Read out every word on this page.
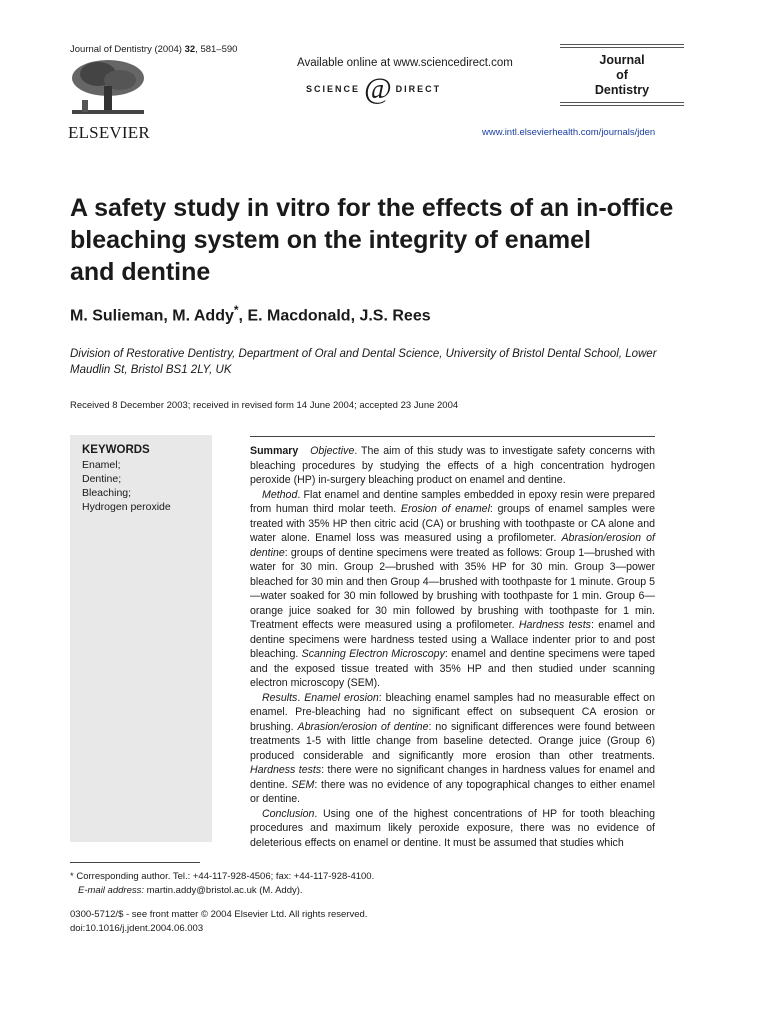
Journal of Dentistry (2004) 32, 581–590
ELSEVIER
Available online at www.sciencedirect.com
SCIENCE @ DIRECT
Journal
of
Dentistry
www.intl.elsevierhealth.com/journals/jden
A safety study in vitro for the effects of an in-office
bleaching system on the integrity of enamel
and dentine
M. Sulieman, M. Addy*, E. Macdonald, J.S. Rees
Division of Restorative Dentistry, Department of Oral and Dental Science, University of Bristol Dental School, Lower Maudlin St, Bristol BS1 2LY, UK
Received 8 December 2003; received in revised form 14 June 2004; accepted 23 June 2004
KEYWORDS
Enamel;
Dentine;
Bleaching;
Hydrogen peroxide

Summary Objective. The aim of this study was to investigate safety concerns with bleaching procedures by studying the effects of a high concentration hydrogen peroxide (HP) in-surgery bleaching product on enamel and dentine.

Method. Flat enamel and dentine samples embedded in epoxy resin were prepared from human third molar teeth. Erosion of enamel: groups of enamel samples were treated with 35% HP then citric acid (CA) or brushing with toothpaste or CA alone and water alone. Enamel loss was measured using a profilometer. Abrasion/erosion of dentine: groups of dentine specimens were treated as follows: Group 1—brushed with water for 30 min. Group 2—brushed with 35% HP for 30 min. Group 3—power bleached for 30 min and then Group 4—brushed with toothpaste for 1 minute. Group 5—water soaked for 30 min followed by brushing with toothpaste for 1 min. Group 6—orange juice soaked for 30 min followed by brushing with toothpaste for 1 min. Treatment effects were measured using a profilometer. Hardness tests: enamel and dentine specimens were hardness tested using a Wallace indenter prior to and post bleaching. Scanning Electron Microscopy: enamel and dentine specimens were taped and the exposed tissue treated with 35% HP and then studied under scanning electron microscopy (SEM).

Results. Enamel erosion: bleaching enamel samples had no measurable effect on enamel. Pre-bleaching had no significant effect on subsequent CA erosion or brushing. Abrasion/erosion of dentine: no significant differences were found between treatments 1-5 with little change from baseline detected. Orange juice (Group 6) produced considerable and significantly more erosion than other treatments. Hardness tests: there were no significant changes in hardness values for enamel and dentine. SEM: there was no evidence of any topographical changes to either enamel or dentine.

Conclusion. Using one of the highest concentrations of HP for tooth bleaching procedures and maximum likely peroxide exposure, there was no evidence of deleterious effects on enamel or dentine. It must be assumed that studies which

* Corresponding author. Tel.: +44-117-928-4506; fax: +44-117-928-4100.
E-mail address: martin.addy@bristol.ac.uk (M. Addy).
0300-5712/$ - see front matter © 2004 Elsevier Ltd. All rights reserved.
doi:10.1016/j.jdent.2004.06.003
